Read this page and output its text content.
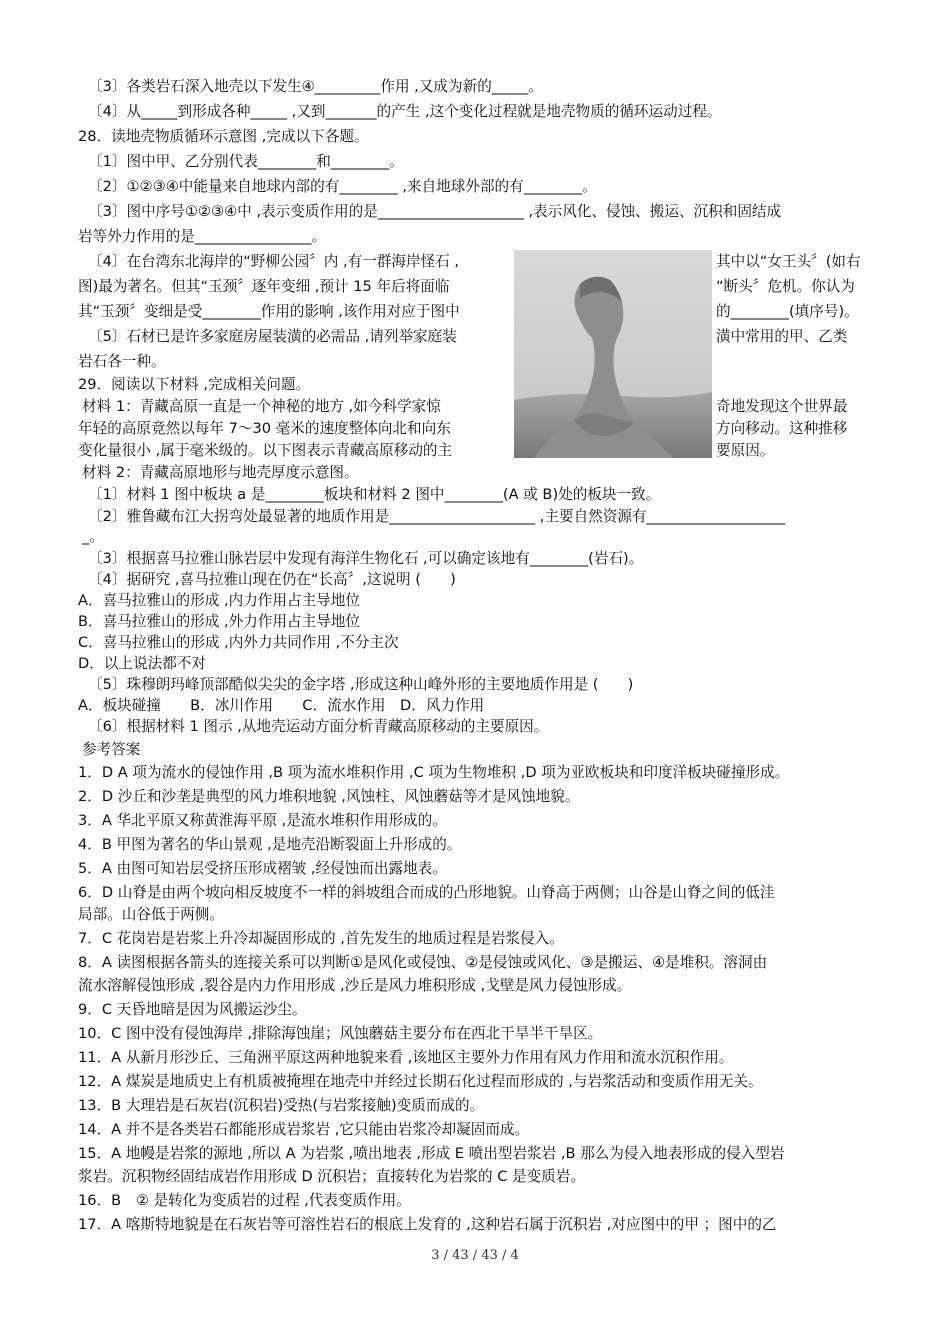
〔3〕各类岩石深入地壳以下发生④_________作用 ,又成为新的_____。
〔4〕从_____到形成各种_____ ,又到_______的产生 ,这个变化过程就是地壳物质的循环运动过程。
28．读地壳物质循环示意图 ,完成以下各题。
〔1〕图中甲、乙分别代表________和________。
〔2〕①②③④中能量来自地球内部的有________ ,来自地球外部的有________。
〔3〕图中序号①②③④中 ,表示变质作用的是____________________ ,表示风化、侵蚀、搬运、沉积和固结成
岩等外力作用的是________________。
〔4〕在台湾东北海岸的“野柳公园〞内 ,有一群海岸怪石 ,	其中以“女王头〞(如右
图)最为著名。但其“玉颈〞逐年变细 ,预计 15 年后将面临	“断头〞危机。你认为
其“玉颈〞变细是受________作用的影响 ,该作用对应于图中	的________(填序号)。
〔5〕石材已是许多家庭房屋装潢的必需品 ,请列举家庭装	潢中常用的甲、乙类
岩石各一种。
29．阅读以下材料 ,完成相关问题。
材料 1：青藏高原一直是一个神秘的地方 ,如今科学家惊	奇地发现这个世界最
年轻的高原竟然以每年 7～30 毫米的速度整体向北和向东	方向移动。这种推移
变化量很小 ,属于毫米级的。以下图表示青藏高原移动的主	要原因。
材料 2：青藏高原地形与地壳厚度示意图。
〔1〕材料 1 图中板块 a 是________板块和材料 2 图中________(A 或 B)处的板块一致。
〔2〕雅鲁藏布江大拐弯处最显著的地质作用是____________________ ,主要自然资源有___________________
_。
〔3〕根据喜马拉雅山脉岩层中发现有海洋生物化石 ,可以确定该地有________(岩石)。
〔4〕据研究 ,喜马拉雅山现在仍在“长高〞,这说明 (　　)
A．喜马拉雅山的形成 ,内力作用占主导地位
B．喜马拉雅山的形成 ,外力作用占主导地位
C．喜马拉雅山的形成 ,内外力共同作用 ,不分主次
D．以上说法都不对
〔5〕珠穆朗玛峰顶部酷似尖尖的金字塔 ,形成这种山峰外形的主要地质作用是 (　　)
A．板块碰撞　　B．冰川作用　　C．流水作用　D．风力作用
〔6〕根据材料 1 图示 ,从地壳运动方面分析青藏高原移动的主要原因。
参考答案
1．D A 项为流水的侵蚀作用 ,B 项为流水堆积作用 ,C 项为生物堆积 ,D 项为亚欧板块和印度洋板块碰撞形成。
2．D 沙丘和沙垄是典型的风力堆积地貌 ,风蚀柱、风蚀蘑菇等才是风蚀地貌。
3．A 华北平原又称黄淮海平原 ,是流水堆积作用形成的。
4．B 甲图为著名的华山景观 ,是地壳沿断裂面上升形成的。
5．A 由图可知岩层受挤压形成褶皱 ,经侵蚀而出露地表。
6．D 山脊是由两个坡向相反坡度不一样的斜坡组合而成的凸形地貌。山脊高于两侧；山谷是山脊之间的低洼
局部。山谷低于两侧。
7．C 花岗岩是岩浆上升冷却凝固形成的 ,首先发生的地质过程是岩浆侵入。
8．A 读图根据各箭头的连接关系可以判断①是风化或侵蚀、②是侵蚀或风化、③是搬运、④是堆积。溶洞由
流水溶解侵蚀形成 ,裂谷是内力作用形成 ,沙丘是风力堆积形成 ,戈壁是风力侵蚀形成。
9．C 天昏地暗是因为风搬运沙尘。
10．C 图中没有侵蚀海岸 ,排除海蚀崖；风蚀蘑菇主要分布在西北干旱半干旱区。
11．A 从新月形沙丘、三角洲平原这两种地貌来看 ,该地区主要外力作用有风力作用和流水沉积作用。
12．A 煤炭是地质史上有机质被掩埋在地壳中并经过长期石化过程而形成的 ,与岩浆活动和变质作用无关。
13．B 大理岩是石灰岩(沉积岩)受热(与岩浆接触)变质而成的。
14．A 并不是各类岩石都能形成岩浆岩 ,它只能由岩浆冷却凝固而成。
15．A 地幔是岩浆的源地 ,所以 A 为岩浆 ,喷出地表 ,形成 E 喷出型岩浆岩 ,B 那么为侵入地表形成的侵入型岩
浆岩。沉积物经固结成岩作用形成 D 沉积岩；直接转化为岩浆的 C 是变质岩。
16．B　② 是转化为变质岩的过程 ,代表变质作用。
17．A 喀斯特地貌是在石灰岩等可溶性岩石的根底上发育的 ,这种岩石属于沉积岩 ,对应图中的甲 ；图中的乙
3 / 43 / 43 / 4
